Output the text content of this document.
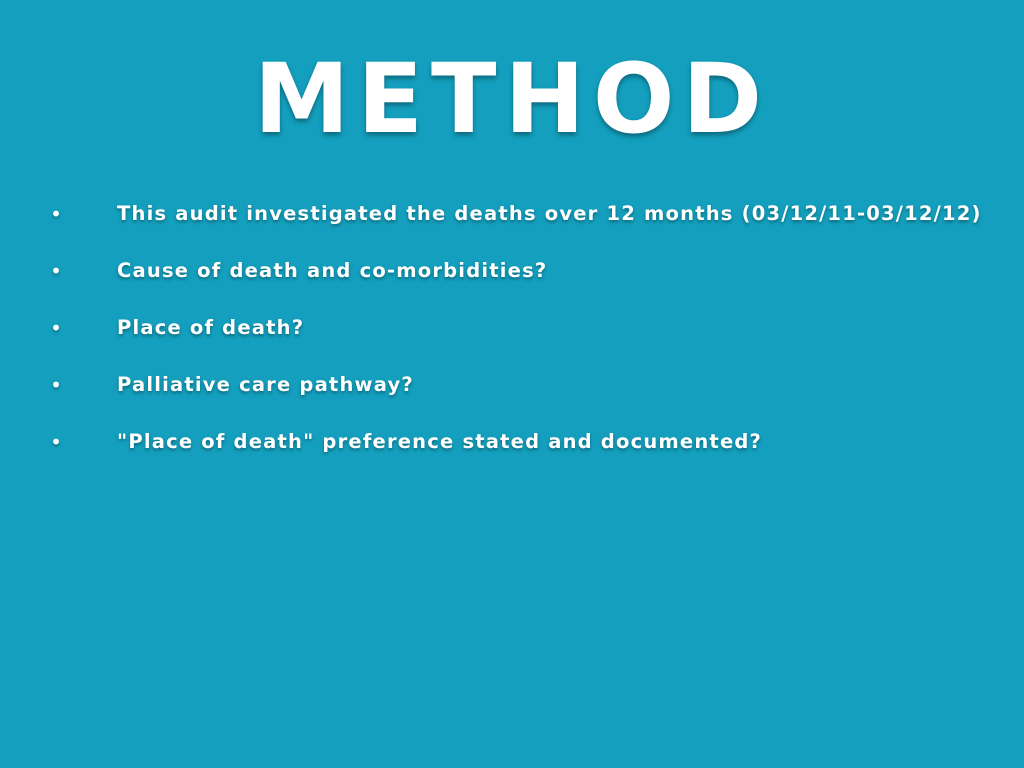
METHOD
•	This audit investigated the deaths over 12 months (03/12/11-03/12/12)
•	Cause of death and co-morbidities?
•	Place of death?
•	Palliative care pathway?
•	"Place of death" preference stated and documented?
